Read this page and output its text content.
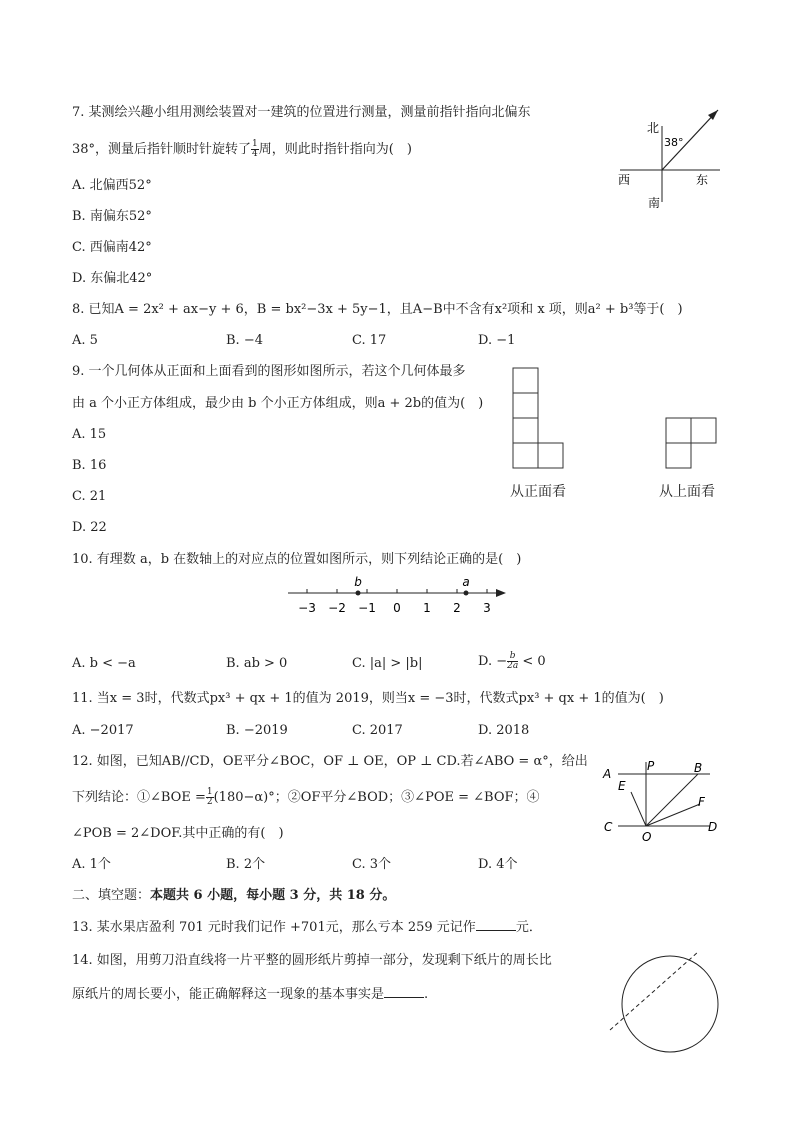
7. 某测绘兴趣小组用测绘装置对一建筑的位置进行测量，测量前指针指向北偏东
38°，测量后指针顺时针旋转了 $\frac{1}{4}$ 周，则此时指针指向为(　)
A. 北偏西52°
B. 南偏东52°
C. 西偏南42°
D. 东偏北42°
北
38°
西	东
南
8. 已知A = 2x² + ax−y + 6，B = bx²−3x + 5y−1，且A−B中不含有x²项和 x 项，则a² + b³等于(　)
A. 5	B. −4	C. 17	D. −1
9. 一个几何体从正面和上面看到的图形如图所示，若这个几何体最多
由 a 个小正方体组成，最少由 b 个小正方体组成，则a + 2b的值为(　)
A. 15
B. 16
C. 21
D. 22
从正面看	从上面看
10. 有理数 a，b 在数轴上的对应点的位置如图所示，则下列结论正确的是(　)
−3 −2 −1 0 1 2 3
b	a
A. b < −a	B. ab > 0	C. |a| > |b|	D. − $\frac{b}{2a} < 0$
11. 当x = 3时，代数式px³ + qx + 1的值为 2019，则当x = −3时，代数式px³ + qx + 1的值为(　)
A. −2017	B. −2019	C. 2017	D. 2018
12. 如图，已知AB//CD，OE平分∠BOC，OF ⊥ OE，OP ⊥ CD.若∠ABO = α°，给出
下列结论：①∠BOE = $\frac{1}{2} (180-\alpha)^\circ$；②OF平分∠BOD；③∠POE = ∠BOF；④
∠POB = 2∠DOF.其中正确的有(　)
A. 1个	B. 2个	C. 3个	D. 4个
A
P	B
E
F
C
O
D
二、填空题：本题共 6 小题，每小题 3 分，共 18 分。
13. 某水果店盈利 701 元时我们记作 +701元，那么亏本 259 元记作	元．
14. 如图，用剪刀沿直线将一片平整的圆形纸片剪掉一部分，发现剩下纸片的周长比
原纸片的周长要小，能正确解释这一现象的基本事实是	.
